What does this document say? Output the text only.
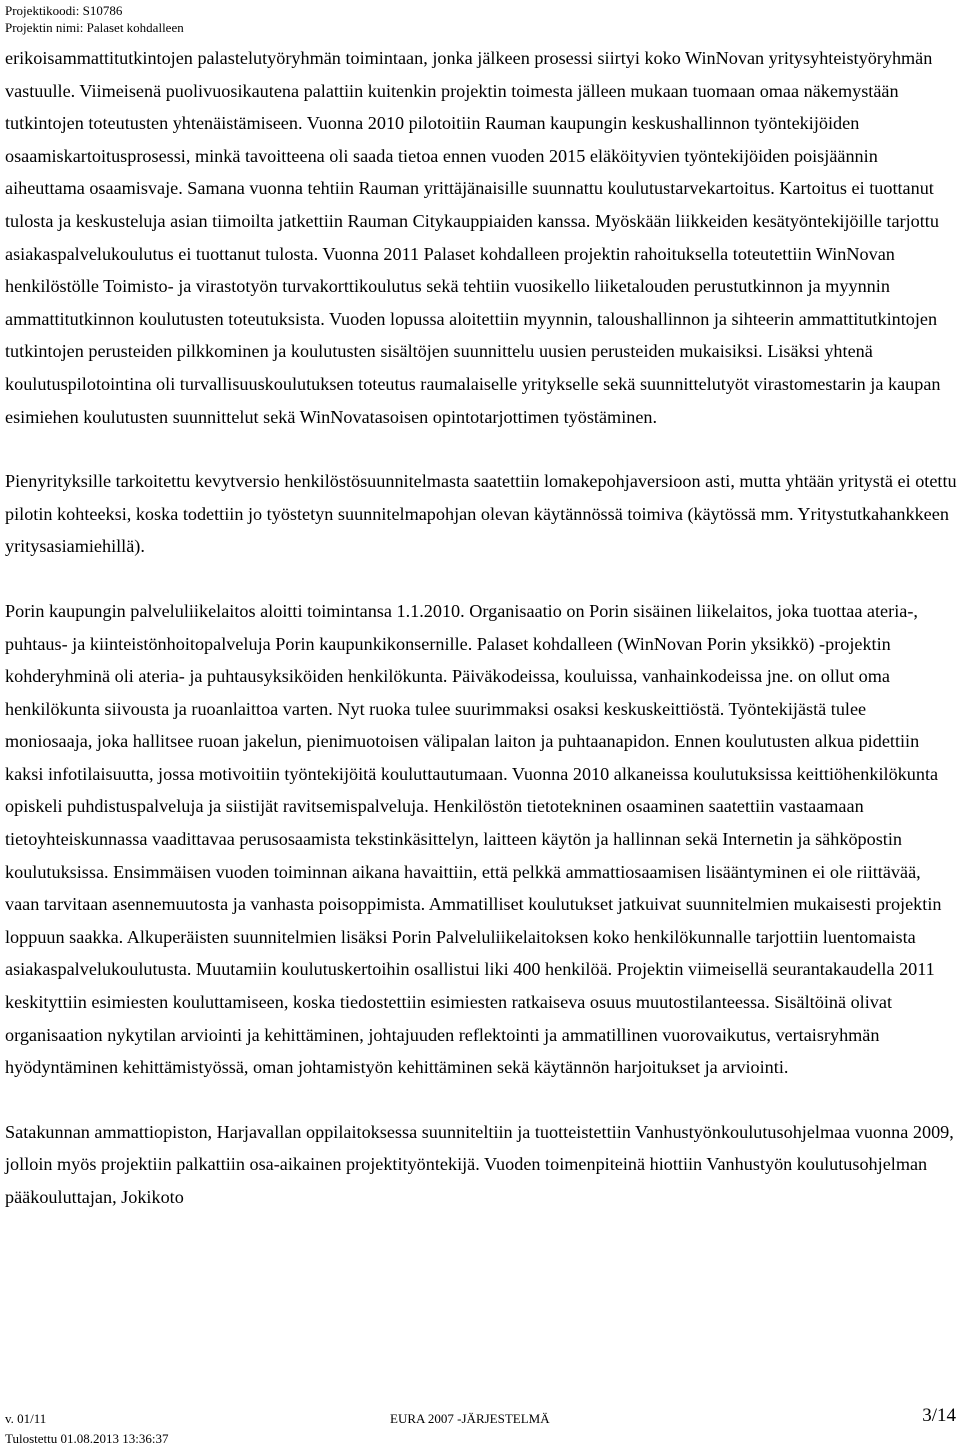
Projektikoodi: S10786
Projektin nimi: Palaset kohdalleen

erikoisammattitutkintojen palastelutyöryhmän toimintaan, jonka jälkeen prosessi siirtyi koko WinNovan yritysyhteistyöryhmän vastuulle. Viimeisenä puolivuosikautena palattiin kuitenkin projektin toimesta jälleen mukaan tuomaan omaa näkemystään tutkintojen toteutusten yhtenäistämiseen. Vuonna 2010 pilotoitiin Rauman kaupungin keskushallinnon työntekijöiden osaamiskartoitusprosessi, minkä tavoitteena oli saada tietoa ennen vuoden 2015 eläköityvien työntekijöiden poisjäännin aiheuttama osaamisvaje. Samana vuonna tehtiin Rauman yrittäjänaisille suunnattu koulutustarvekartoitus. Kartoitus ei tuottanut tulosta ja keskusteluja asian tiimoilta jatkettiin Rauman Citykauppiaiden kanssa. Myöskään liikkeiden kesätyöntekijöille tarjottu asiakaspalvelukoulutus ei tuottanut tulosta. Vuonna 2011 Palaset kohdalleen projektin rahoituksella toteutettiin WinNovan henkilöstölle Toimisto- ja virastotyön turvakorttikoulutus sekä tehtiin vuosikello liiketalouden perustutkinnon ja myynnin ammattitutkinnon koulutusten toteutuksista. Vuoden lopussa aloitettiin myynnin, taloushallinnon ja sihteerin ammattitutkintojen tutkintojen perusteiden pilkkominen ja koulutusten sisältöjen suunnittelu uusien perusteiden mukaisiksi. Lisäksi yhtenä koulutuspilotointina oli turvallisuuskoulutuksen toteutus raumalaiselle yritykselle sekä suunnittelutyöt virastomestarin ja kaupan esimiehen koulutusten suunnittelut sekä WinNovatasoisen opintotarjottimen työstäminen.

Pienyrityksille tarkoitettu kevytversio henkilöstösuunnitelmasta saatettiin lomakepohjaversioon asti, mutta yhtään yritystä ei otettu pilotin kohteeksi, koska todettiin jo työstetyn suunnitelmapohjan olevan käytännössä toimiva (käytössä mm. Yritystutkahankkeen yritysasiamiehillä).

Porin kaupungin palveluliikelaitos aloitti toimintansa 1.1.2010. Organisaatio on Porin sisäinen liikelaitos, joka tuottaa ateria-, puhtaus- ja kiinteistönhoitopalveluja Porin kaupunkikonsernille. Palaset kohdalleen (WinNovan Porin yksikkö) -projektin kohderyhminä oli ateria- ja puhtausyksiköiden henkilökunta. Päiväkodeissa, kouluissa, vanhainkodeissa jne. on ollut oma henkilökunta siivousta ja ruoanlaittoa varten. Nyt ruoka tulee suurimmaksi osaksi keskuskeittiöstä. Työntekijästä tulee moniosaaja, joka hallitsee ruoan jakelun, pienimuotoisen välipalan laiton ja puhtaanapidon. Ennen koulutusten alkua pidettiin kaksi infotilaisuutta, jossa motivoitiin työntekijöitä kouluttautumaan. Vuonna 2010 alkaneissa koulutuksissa keittiöhenkilökunta opiskeli puhdistuspalveluja ja siistijät ravitsemispalveluja. Henkilöstön tietotekninen osaaminen saatettiin vastaamaan tietoyhteiskunnassa vaadittavaa perusosaamista tekstinkäsittelyn, laitteen käytön ja hallinnan sekä Internetin ja sähköpostin koulutuksissa. Ensimmäisen vuoden toiminnan aikana havaittiin, että pelkkä ammattiosaamisen lisääntyminen ei ole riittävää, vaan tarvitaan asennemuutosta ja vanhasta poisoppimista. Ammatilliset koulutukset jatkuivat suunnitelmien mukaisesti projektin loppuun saakka. Alkuperäisten suunnitelmien lisäksi Porin Palveluliikelaitoksen koko henkilökunnalle tarjottiin luentomaista asiakaspalvelukoulutusta. Muutamiin koulutuskertoihin osallistui liki 400 henkilöä. Projektin viimeisellä seurantakaudella 2011 keskityttiin esimiesten kouluttamiseen, koska tiedostettiin esimiesten ratkaiseva osuus muutostilanteessa. Sisältöinä olivat organisaation nykytilan arviointi ja kehittäminen, johtajuuden reflektointi ja ammatillinen vuorovaikutus, vertaisryhmän hyödyntäminen kehittämistyössä, oman johtamistyön kehittäminen sekä käytännön harjoitukset ja arviointi.

Satakunnan ammattiopiston, Harjavallan oppilaitoksessa suunniteltiin ja tuotteistettiin Vanhustyönkoulutusohjelmaa vuonna 2009, jolloin myös projektiin palkattiin osa-aikainen projektityöntekijä. Vuoden toimenpiteinä hiottiin Vanhustyön koulutusohjelman pääkouluttajan, Jokikoto

v. 01/11	EURA 2007 -JÄRJESTELMÄ	3/14
Tulostettu 01.08.2013 13:36:37
